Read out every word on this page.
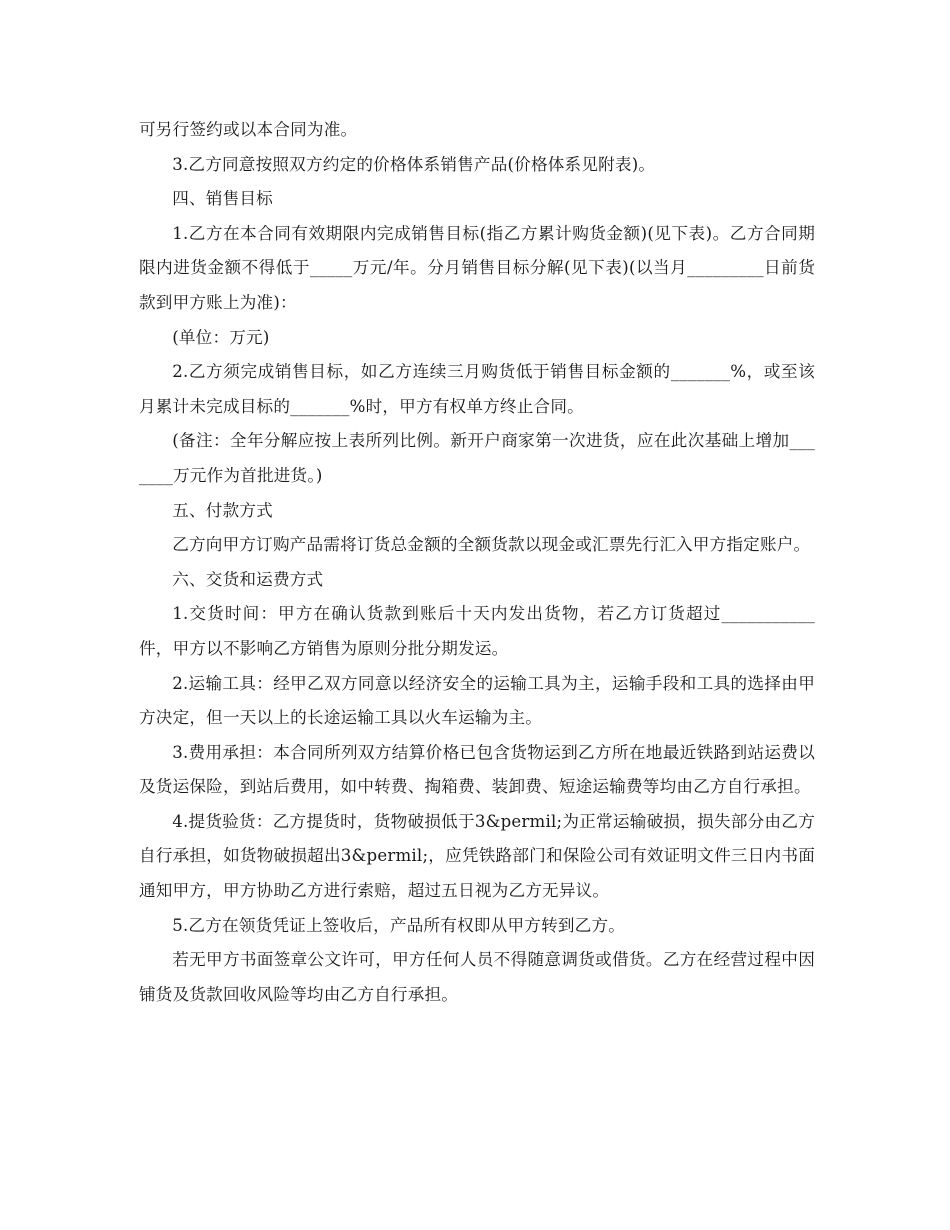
可另行签约或以本合同为准。

3.乙方同意按照双方约定的价格体系销售产品(价格体系见附表)。

四、销售目标

1.乙方在本合同有效期限内完成销售目标(指乙方累计购货金额)(见下表)。乙方合同期限内进货金额不得低于_____万元/年。分月销售目标分解(见下表)(以当月_________日前货款到甲方账上为准)：

(单位：万元)

2.乙方须完成销售目标，如乙方连续三月购货低于销售目标金额的_______%，或至该月累计未完成目标的_______%时，甲方有权单方终止合同。

(备注：全年分解应按上表所列比例。新开户商家第一次进货，应在此次基础上增加_______万元作为首批进货。)

五、付款方式

乙方向甲方订购产品需将订货总金额的全额货款以现金或汇票先行汇入甲方指定账户。

六、交货和运费方式

1.交货时间：甲方在确认货款到账后十天内发出货物，若乙方订货超过___________件，甲方以不影响乙方销售为原则分批分期发运。

2.运输工具：经甲乙双方同意以经济安全的运输工具为主，运输手段和工具的选择由甲方决定，但一天以上的长途运输工具以火车运输为主。

3.费用承担：本合同所列双方结算价格已包含货物运到乙方所在地最近铁路到站运费以及货运保险，到站后费用，如中转费、掏箱费、装卸费、短途运输费等均由乙方自行承担。

4.提货验货：乙方提货时，货物破损低于3&permil;为正常运输破损，损失部分由乙方自行承担，如货物破损超出3&permil;，应凭铁路部门和保险公司有效证明文件三日内书面通知甲方，甲方协助乙方进行索赔，超过五日视为乙方无异议。

5.乙方在领货凭证上签收后，产品所有权即从甲方转到乙方。

若无甲方书面签章公文许可，甲方任何人员不得随意调货或借货。乙方在经营过程中因铺货及货款回收风险等均由乙方自行承担。
